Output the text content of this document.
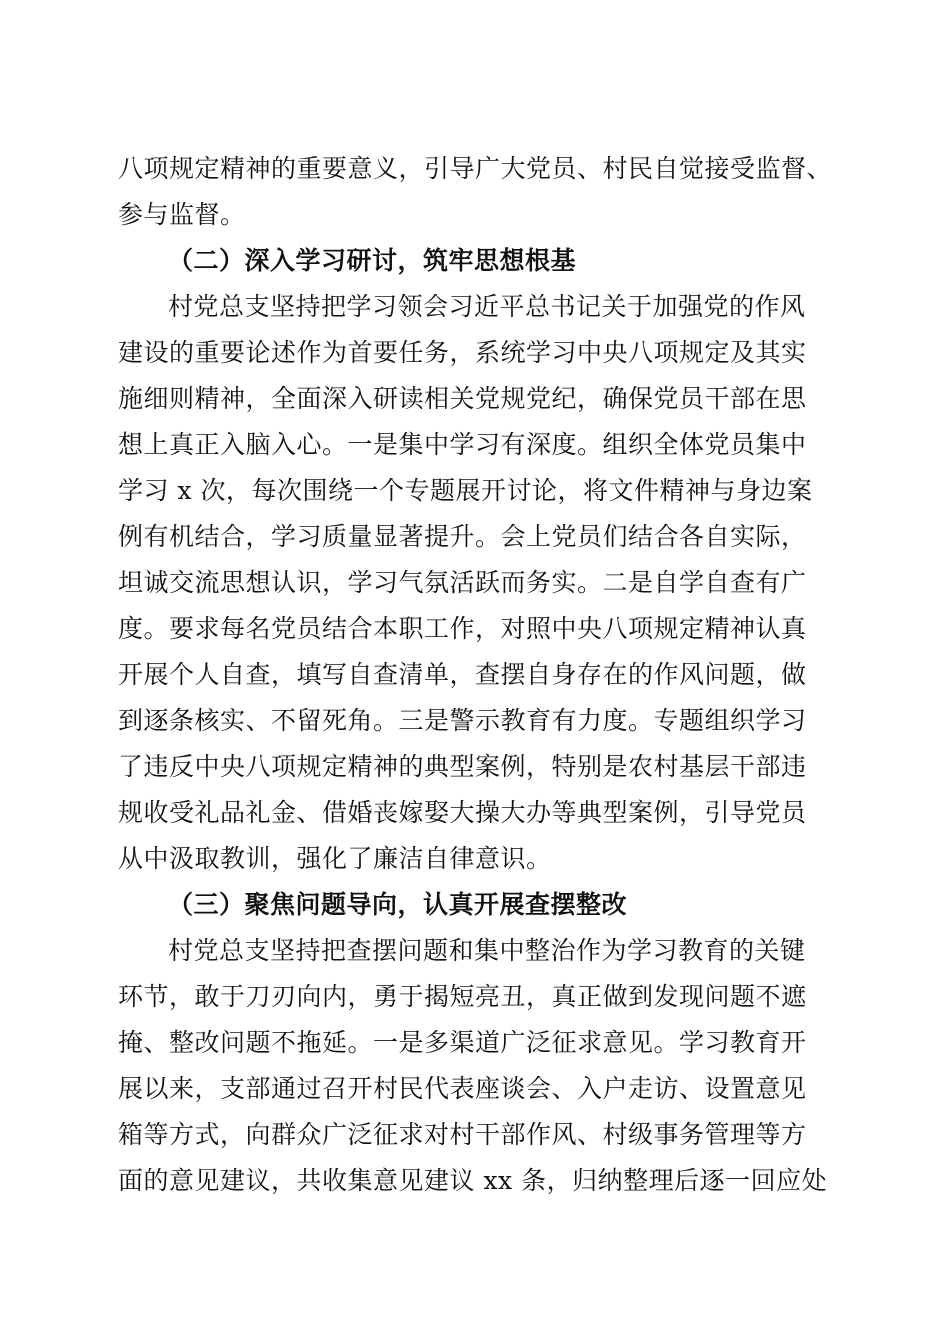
八项规定精神的重要意义，引导广大党员、村民自觉接受监督、
参与监督。
（二）深入学习研讨，筑牢思想根基
村党总支坚持把学习领会习近平总书记关于加强党的作风
建设的重要论述作为首要任务，系统学习中央八项规定及其实
施细则精神，全面深入研读相关党规党纪，确保党员干部在思
想上真正入脑入心。一是集中学习有深度。组织全体党员集中
学习 x 次，每次围绕一个专题展开讨论，将文件精神与身边案
例有机结合，学习质量显著提升。会上党员们结合各自实际，
坦诚交流思想认识，学习气氛活跃而务实。二是自学自查有广
度。要求每名党员结合本职工作，对照中央八项规定精神认真
开展个人自查，填写自查清单，查摆自身存在的作风问题，做
到逐条核实、不留死角。三是警示教育有力度。专题组织学习
了违反中央八项规定精神的典型案例，特别是农村基层干部违
规收受礼品礼金、借婚丧嫁娶大操大办等典型案例，引导党员
从中汲取教训，强化了廉洁自律意识。
（三）聚焦问题导向，认真开展查摆整改
村党总支坚持把查摆问题和集中整治作为学习教育的关键
环节，敢于刀刃向内，勇于揭短亮丑，真正做到发现问题不遮
掩、整改问题不拖延。一是多渠道广泛征求意见。学习教育开
展以来，支部通过召开村民代表座谈会、入户走访、设置意见
箱等方式，向群众广泛征求对村干部作风、村级事务管理等方
面的意见建议，共收集意见建议 xx 条，归纳整理后逐一回应处
